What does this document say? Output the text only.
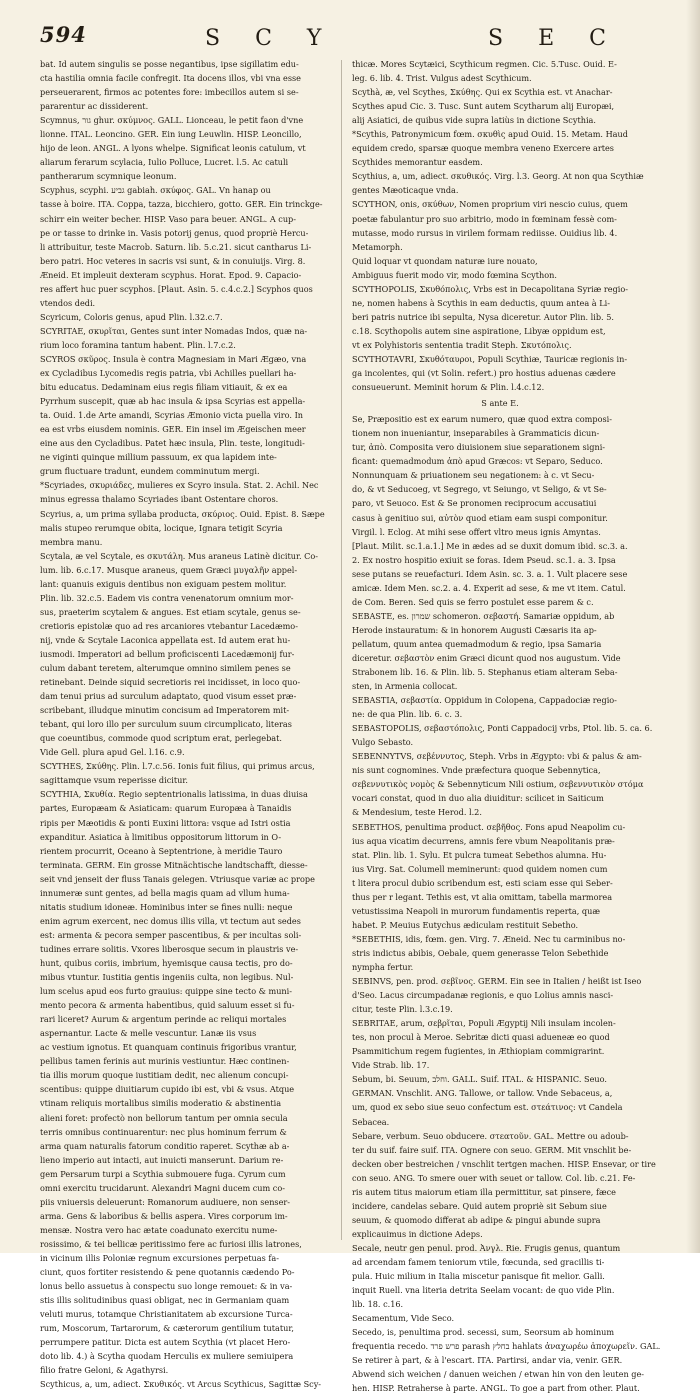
594	S C Y	S E C

bat. Id autem singulis se posse negantibus, ipse sigillatim edu-

cta hastilia omnia facile confregit. Ita docens illos, vbi vna esse

perseuerarent, firmos ac potentes fore: imbecillos autem si se-

pararentur ac dissiderent.

Scymnus, גור ghur. σκύμνος. GALL. Lionceau, le petit faon d'vne

lionne. ITAL. Leoncino. GER. Ein iung Leuwlin. HISP. Leoncillo,

hijo de leon. ANGL. A lyons whelpe. Significat leonis catulum, vt

aliarum ferarum scylacia, Iulio Polluce, Lucret. l.5. Ac catuli

pantherarum scymnique leonum.

Scyphus, scyphi. גביע gabiah. σκύφος. GAL. Vn hanap ou

tasse à boire. ITA. Coppa, tazza, bicchiero, gotto. GER. Ein trinckge-

schirr ein weiter becher. HISP. Vaso para beuer. ANGL. A cup-

pe or tasse to drinke in. Vasis potorij genus, quod propriè Hercu-

li attribuitur, teste Macrob. Saturn. lib. 5.c.21. sicut cantharus Li-

bero patri. Hoc veteres in sacris vsi sunt, & in conuiuijs. Virg. 8.

Æneid. Et impleuit dexteram scyphus. Horat. Epod. 9. Capacio-

res affert huc puer scyphos. [Plaut. Asin. 5. c.4.c.2.] Scyphos quos

vtendos dedi.

Scyricum, Coloris genus, apud Plin. l.32.c.7.

SCYRITAE, σκυρῖται, Gentes sunt inter Nomadas Indos, quæ na-

rium loco foramina tantum habent. Plin. l.7.c.2.

SCYROS σκῦρος. Insula è contra Magnesiam in Mari Ægæo, vna

ex Cycladibus Lycomedis regis patria, vbi Achilles puellari ha-

bitu educatus. Dedaminam eius regis filiam vitiauit, & ex ea

Pyrrhum suscepit, quæ ab hac insula & ipsa Scyrias est appella-

ta. Ouid. 1.de Arte amandi, Scyrias Æmonio victa puella viro. In

ea est vrbs eiusdem nominis. GER. Ein insel im Ægeischen meer

eine aus den Cycladibus. Patet hæc insula, Plin. teste, longitudi-

ne viginti quinque millium passuum, ex qua lapidem inte-

grum fluctuare tradunt, eundem comminutum mergi.

*Scyriades, σκυριάδες, mulieres ex Scyro insula. Stat. 2. Achil. Nec

minus egressa thalamo Scyriades ibant Ostentare choros.

Scyrius, a, um prima syllaba producta, σκύριος. Ouid. Epist. 8. Sæpe

malis stupeo rerumque obita, locique, Ignara tetigit Scyria

membra manu.

Scytala, æ vel Scytale, es σκυτάλη. Mus araneus Latinè dicitur. Co-

lum. lib. 6.c.17. Musque araneus, quem Græci μυγαλῆν appel-

lant: quanuis exiguis dentibus non exiguam pestem molitur.

Plin. lib. 32.c.5. Eadem vis contra venenatorum omnium mor-

sus, praeterim scytalem & angues. Est etiam scytale, genus se-

cretioris epistolæ quo ad res arcaniores vtebantur Lacedæmo-

nij, vnde & Scytale Laconica appellata est. Id autem erat hu-

iusmodi. Imperatori ad bellum proficiscenti Lacedæmonij fur-

culum dabant teretem, alterumque omnino similem penes se

retinebant. Deinde siquid secretioris rei incidisset, in loco quo-

dam tenui prius ad surculum adaptato, quod visum esset præ-

scribebant, illudque minutim concisum ad Imperatorem mit-

tebant, qui loro illo per surculum suum circumplicato, literas

que coeuntibus, commode quod scriptum erat, perlegebat.

Vide Gell. plura apud Gel. l.16. c.9.

SCYTHES, Σκύθης. Plin. l.7.c.56. Ionis fuit filius, qui primus arcus,

sagittamque vsum reperisse dicitur.

SCYTHIA, Σκυθία. Regio septentrionalis latissima, in duas diuisa

partes, Europæam & Asiaticam: quarum Europæa à Tanaidis

ripis per Mæotidis & ponti Euxini littora: vsque ad Istri ostia

expanditur. Asiatica à limitibus oppositorum littorum in O-

rientem procurrit, Oceano à Septentrione, à meridie Tauro

terminata. GERM. Ein grosse Mitnächtische landtschafft, diesse-

seit vnd jenseit der fluss Tanais gelegen. Vtriusque variæ ac prope

innumeræ sunt gentes, ad bella magis quam ad vllum huma-

nitatis studium idoneæ. Hominibus inter se fines nulli: neque

enim agrum exercent, nec domus illis villa, vt tectum aut sedes

est: armenta & pecora semper pascentibus, & per incultas soli-

tudines errare solitis. Vxores liberosque secum in plaustris ve-

hunt, quibus coriis, imbrium, hyemisque causa tectis, pro do-

mibus vtuntur. Iustitia gentis ingeniis culta, non legibus. Nul-

lum scelus apud eos furto grauius: quippe sine tecto & muni-

mento pecora & armenta habentibus, quid saluum esset si fu-

rari liceret? Aurum & argentum perinde ac reliqui mortales

aspernantur. Lacte & melle vescuntur. Lanæ iis vsus

ac vestium ignotus. Et quanquam continuis frigoribus vrantur,

pellibus tamen ferinis aut murinis vestiuntur. Hæc continen-

tia illis morum quoque iustitiam dedit, nec alienum concupi-

scentibus: quippe diuitiarum cupido ibi est, vbi & vsus. Atque

vtinam reliquis mortalibus similis moderatio & abstinentia

alieni foret: profectò non bellorum tantum per omnia secula

terris omnibus continuarentur: nec plus hominum ferrum &

arma quam naturalis fatorum conditio raperet. Scythæ ab a-

lieno imperio aut intacti, aut inuicti manserunt. Darium re-

gem Persarum turpi a Scythia submouere fuga. Cyrum cum

omni exercitu trucidarunt. Alexandri Magni ducem cum co-

piis vniuersis deleuerunt: Romanorum audiuere, non senser-

arma. Gens & laboribus & bellis aspera. Vires corporum im-

mensæ. Nostra vero hac ætate coadunato exercitu nume-

rosissimo, & tei bellicæ peritissimo fere ac furiosi illis latrones,

in vicinum illis Poloniæ regnum excursiones perpetuas fa-

ciunt, quos fortiter resistendo & pene quotannis cædendo Po-

lonus bello assuetus à conspectu suo longe remouet: & in va-

stis illis solitudinibus quasi obligat, nec in Germaniam quam

veluti murus, totamque Christianitatem ab excursione Turca-

rum, Moscorum, Tartarorum, & cæterorum gentilium tutatur,

perrumpere patitur. Dicta est autem Scythia (vt placet Hero-

doto lib. 4.) à Scytha quodam Herculis ex muliere semiuipera

filio fratre Geloni, & Agathyrsi.

Scythicus, a, um, adiect. Σκυθικός. vt Arcus Scythicus, Sagittæ Scy-

thicæ. Mores Scytæici, Scythicum regmen. Cic. 5.Tusc. Ouid. E-

leg. 6. lib. 4. Trist. Vulgus adest Scythicum.

Scythà, æ, vel Scythes, Σκύθης. Qui ex Scythia est. vt Anachar-

Scythes apud Cic. 3. Tusc. Sunt autem Scytharum alij Europæi,

alij Asiatici, de quibus vide supra latiùs in dictione Scythia.

*Scythis, Patronymicum fœm. σκυθὶς apud Ouid. 15. Metam. Haud

equidem credo, sparsæ quoque membra veneno Exercere artes

Scythides memorantur easdem.

Scythius, a, um, adiect. σκυθικός. Virg. l.3. Georg. At non qua Scythiæ

gentes Mæoticaque vnda.

SCYTHON, onis, σκύθων, Nomen proprium viri nescio cuius, quem

poetæ fabulantur pro suo arbitrio, modo in fœminam fessè com-

mutasse, modo rursus in virilem formam rediisse. Ouidius lib. 4.

Metamorph.

Quid loquar vt quondam naturæ iure nouato,

Ambiguus fuerit modo vir, modo fœmina Scython.

SCYTHOPOLIS, Σκυθόπολις, Vrbs est in Decapolitana Syriæ regio-

ne, nomen habens à Scythis in eam deductis, quum antea à Li-

beri patris nutrice ibi sepulta, Nysa diceretur. Autor Plin. lib. 5.

c.18. Scythopolis autem sine aspiratione, Libyæ oppidum est,

vt ex Polyhistoris sententia tradit Steph. Σκυτόπολις.

SCYTHOTAVRI, Σκυθόταυροι, Populi Scythiæ, Tauricæ regionis in-

ga incolentes, qui (vt Solin. refert.) pro hostius aduenas cædere

consueuerunt. Meminit horum & Plin. l.4.c.12.

S ante E.

Se, Præpositio est ex earum numero, quæ quod extra composi-

tionem non inueniantur, inseparabiles à Grammaticis dicun-

tur, ἀπὸ. Composita vero diuisionem siue separationem signi-

ficant: quemadmodum ἀπὸ apud Græcos: vt Separo, Seduco.

Nonnunquam & priuationem seu negationem: à c. vt Secu-

do, & vt Seducoeg, vt Segrego, vt Seiungo, vt Seligo, & vt Se-

paro, vt Seuoco. Est & Se pronomen reciprocum accusatiui

casus à genitiuo sui, αὐτὸν quod etiam eam suspi componitur.

Virgil. l. Eclog. At mihi sese offert vltro meus ignis Amyntas.

[Plaut. Milit. sc.1.a.1.] Me in ædes ad se duxit domum ibid. sc.3. a.

2. Ex nostro hospitio exiuit se foras. Idem Pseud. sc.1. a. 3. Ipsa

sese putans se reuefacturi. Idem Asin. sc. 3. a. 1. Vult placere sese

amicæ. Idem Men. sc.2. a. 4. Experit ad sese, & me vt item. Catul.

de Com. Beren. Sed quis se ferro postulet esse parem & c.

SEBASTE, es. שמרון schomeron. σεβαστή. Samariæ oppidum, ab

Herode instauratum: & in honorem Augusti Cæsaris ita ap-

pellatum, quum antea quemadmodum & regio, ipsa Samaria

diceretur. σεβαστὸν enim Græci dicunt quod nos augustum. Vide

Strabonem lib. 16. & Plin. lib. 5. Stephanus etiam alteram Seba-

sten, in Armenia collocat.

SEBASTIA, σεβαστία. Oppidum in Colopena, Cappadociæ regio-

ne: de qua Plin. lib. 6. c. 3.

SEBASTOPOLIS, σεβαστόπολις, Ponti Cappadocij vrbs, Ptol. lib. 5. ca. 6.

Vulgo Sebasto.

SEBENNYTVS, σεβέννυτος, Steph. Vrbs in Ægypto: vbi & palus & am-

nis sunt cognomines. Vnde præfectura quoque Sebennytica,

σεβεννυτικὸς νομὸς & Sebennyticum Nili ostium, σεβεννυτικὸν στόμα

vocari constat, quod in duo alia diuiditur: scilicet in Saiticum

& Mendesium, teste Herod. l.2.

SEBETHOS, penultima product. σεβῆθος. Fons apud Neapolim cu-

ius aqua vicatim decurrens, amnis fere vbum Neapolitanis præ-

stat. Plin. lib. 1. Sylu. Et pulcra tumeat Sebethos alumna. Hu-

ius Virg. Sat. Columell meminerunt: quod quidem nomen cum

t litera procul dubio scribendum est, esti sciam esse qui Seber-

thus per r legant. Tethis est, vt alia omittam, tabella marmorea

vetustissima Neapoli in murorum fundamentis reperta, quæ

habet. P. Meuius Eutychus ædiculam restituit Sebetho.

*SEBETHIS, idis, fœm. gen. Virg. 7. Æneid. Nec tu carminibus no-

stris indictus abibis, Oebale, quem generasse Telon Sebethide

nympha fertur.

SEBINVS, pen. prod. σεβῖνος. GERM. Ein see in Italien / heißt ist Iseo

d'Seo. Lacus circumpadanæ regionis, e quo Lolius amnis nasci-

citur, teste Plin. l.3.c.19.

SEBRITAE, arum, σεβρῖται, Populi Ægyptij Nili insulam incolen-

tes, non procul à Meroe. Sebritæ dicti quasi adueneæ eo quod

Psammitichum regem fugientes, in Æthiopiam commigrarint.

Vide Strab. lib. 17.

Sebum, bi. Seuum, וחלב. GALL. Suif. ITAL. & HISPANIC. Seuo.

GERMAN. Vnschlit. ANG. Tallowe, or tallow. Vnde Sebaceus, a,

um, quod ex sebo siue seuo confectum est. στεάτινος: vt Candela

Sebacea.

Sebare, verbum. Seuo obducere. στεατοῦν. GAL. Mettre ou adoub-

ter du suif. faire suif. ITA. Ognere con seuo. GERM. Mit vnschlit be-

decken ober bestreichen / vnschlit tertgen machen. HISP. Ensevar, or tire

con seuo. ANG. To smere ouer with seuet or tallow. Col. lib. c.21. Fe-

ris autem titus maiorum etiam illa permittitur, sat pinsere, fæce

incidere, candelas sebare. Quid autem propriè sit Sebum siue

seuum, & quomodo differat ab adipe & pingui abunde supra

explicauimus in dictione Adeps.

Secale, neutr gen penul. prod. Ἀνγλ. Rie. Frugis genus, quantum

ad arcendam famem teniorum vtile, fœcunda, sed gracillis ti-

pula. Huic milium in Italia miscetur panisque fit melior. Galli.

inquit Ruell. vna literia detrita Seelam vocant: de quo vide Plin.

lib. 18. c.16.

Secamentum, Vide Seco.

Secedo, is, penultima prod. secessi, sum, Seorsum ab hominum

frequentia recedo. פרש פרד parash בחלץ hahlats ἀναχωρέω ἀποχωρεῖν. GAL.

Se retirer à part, & à l'escart. ITA. Partirsi, andar via, venir. GER.

Abwend sich weichen / danuen weichen / etwan hin von den leuten ge-

hen. HISP. Retraherse à parte. ANGL. To goe a part from other. Plaut.
